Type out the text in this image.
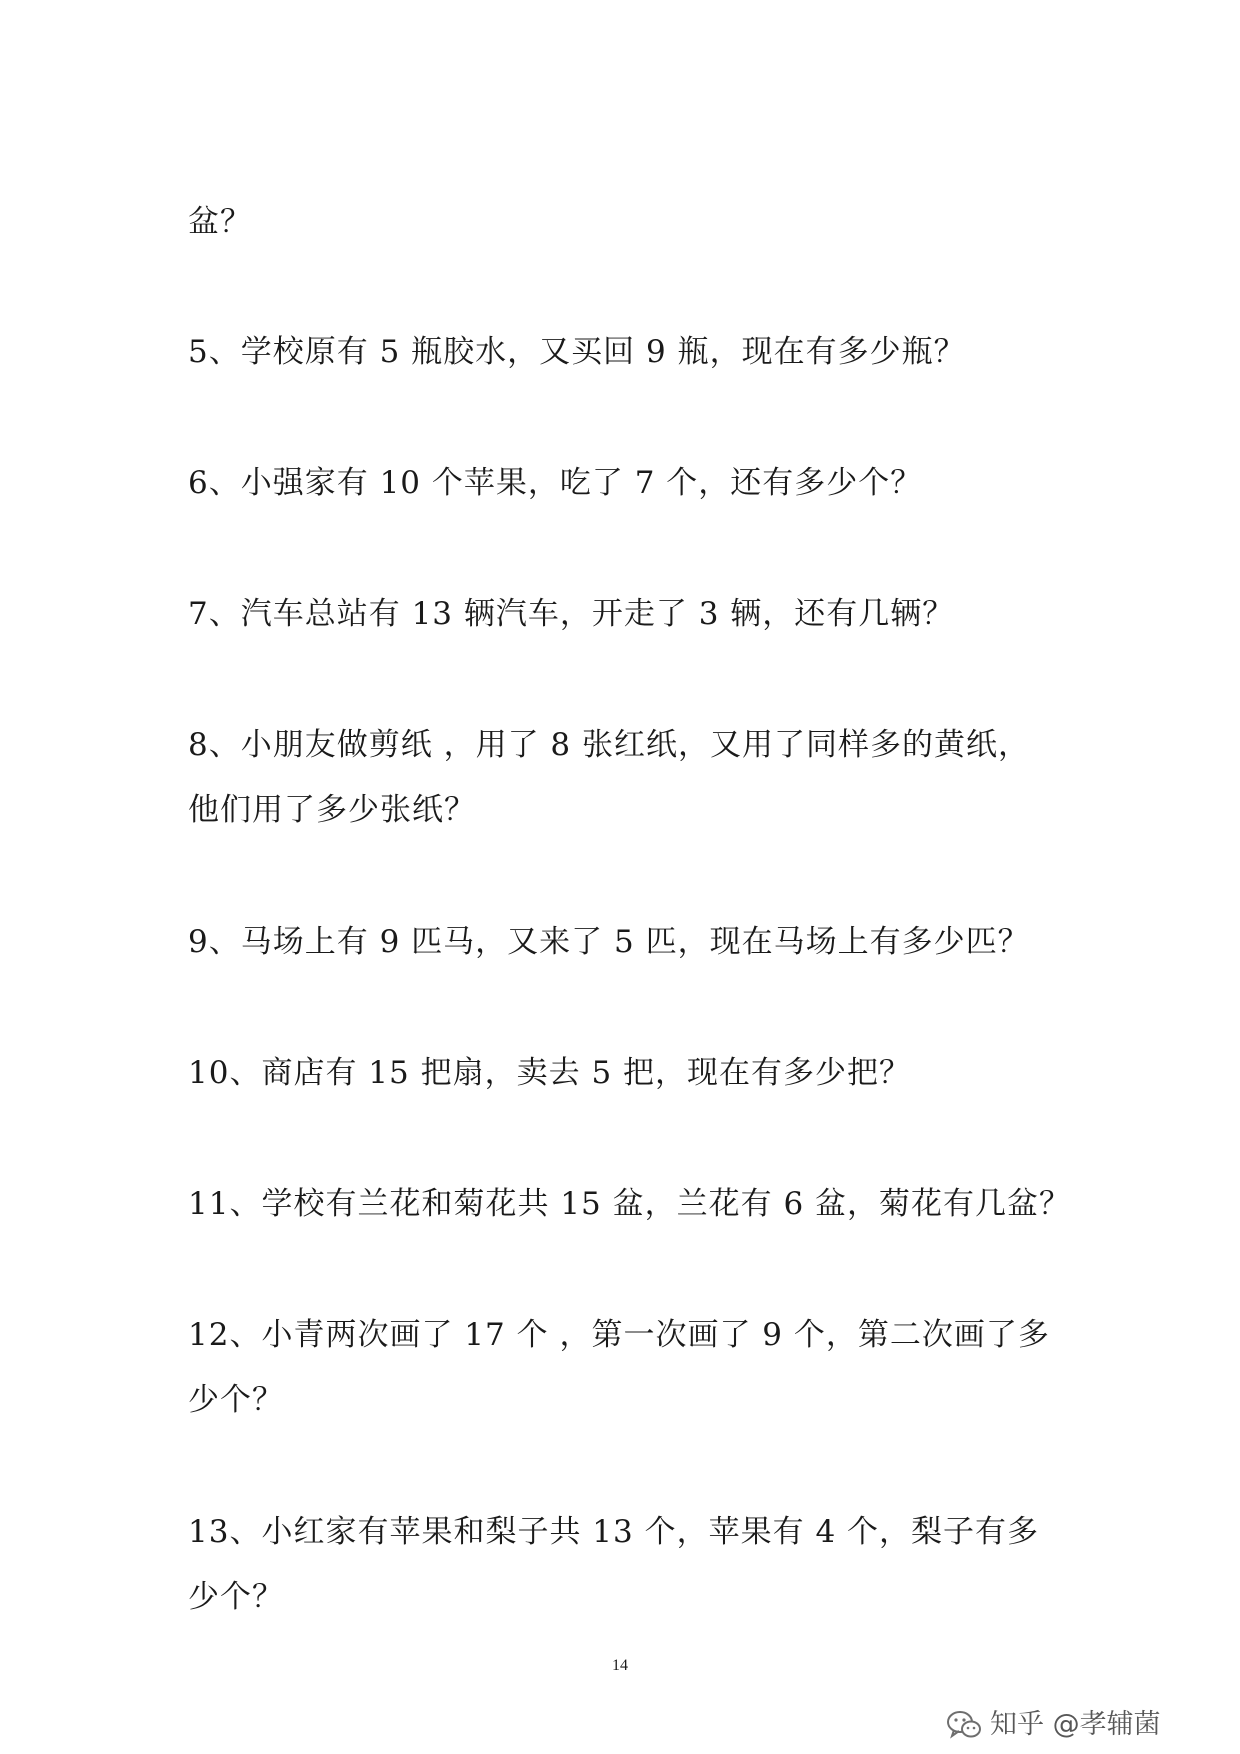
盆？
5、学校原有 5 瓶胶水，又买回 9 瓶，现在有多少瓶？
6、小强家有 10 个苹果，吃了 7 个，还有多少个？
7、汽车总站有 13 辆汽车，开走了 3 辆，还有几辆？
8、小朋友做剪纸 ，用了 8 张红纸，又用了同样多的黄纸，
他们用了多少张纸？
9、马场上有 9 匹马，又来了 5 匹，现在马场上有多少匹？
10、商店有 15 把扇，卖去 5 把，现在有多少把？
11、学校有兰花和菊花共 15 盆，兰花有 6 盆，菊花有几盆？
12、小青两次画了 17 个 ，第一次画了 9 个，第二次画了多
少个？
13、小红家有苹果和梨子共 13 个，苹果有 4 个，梨子有多
少个？
14
知乎 @孝辅菌
